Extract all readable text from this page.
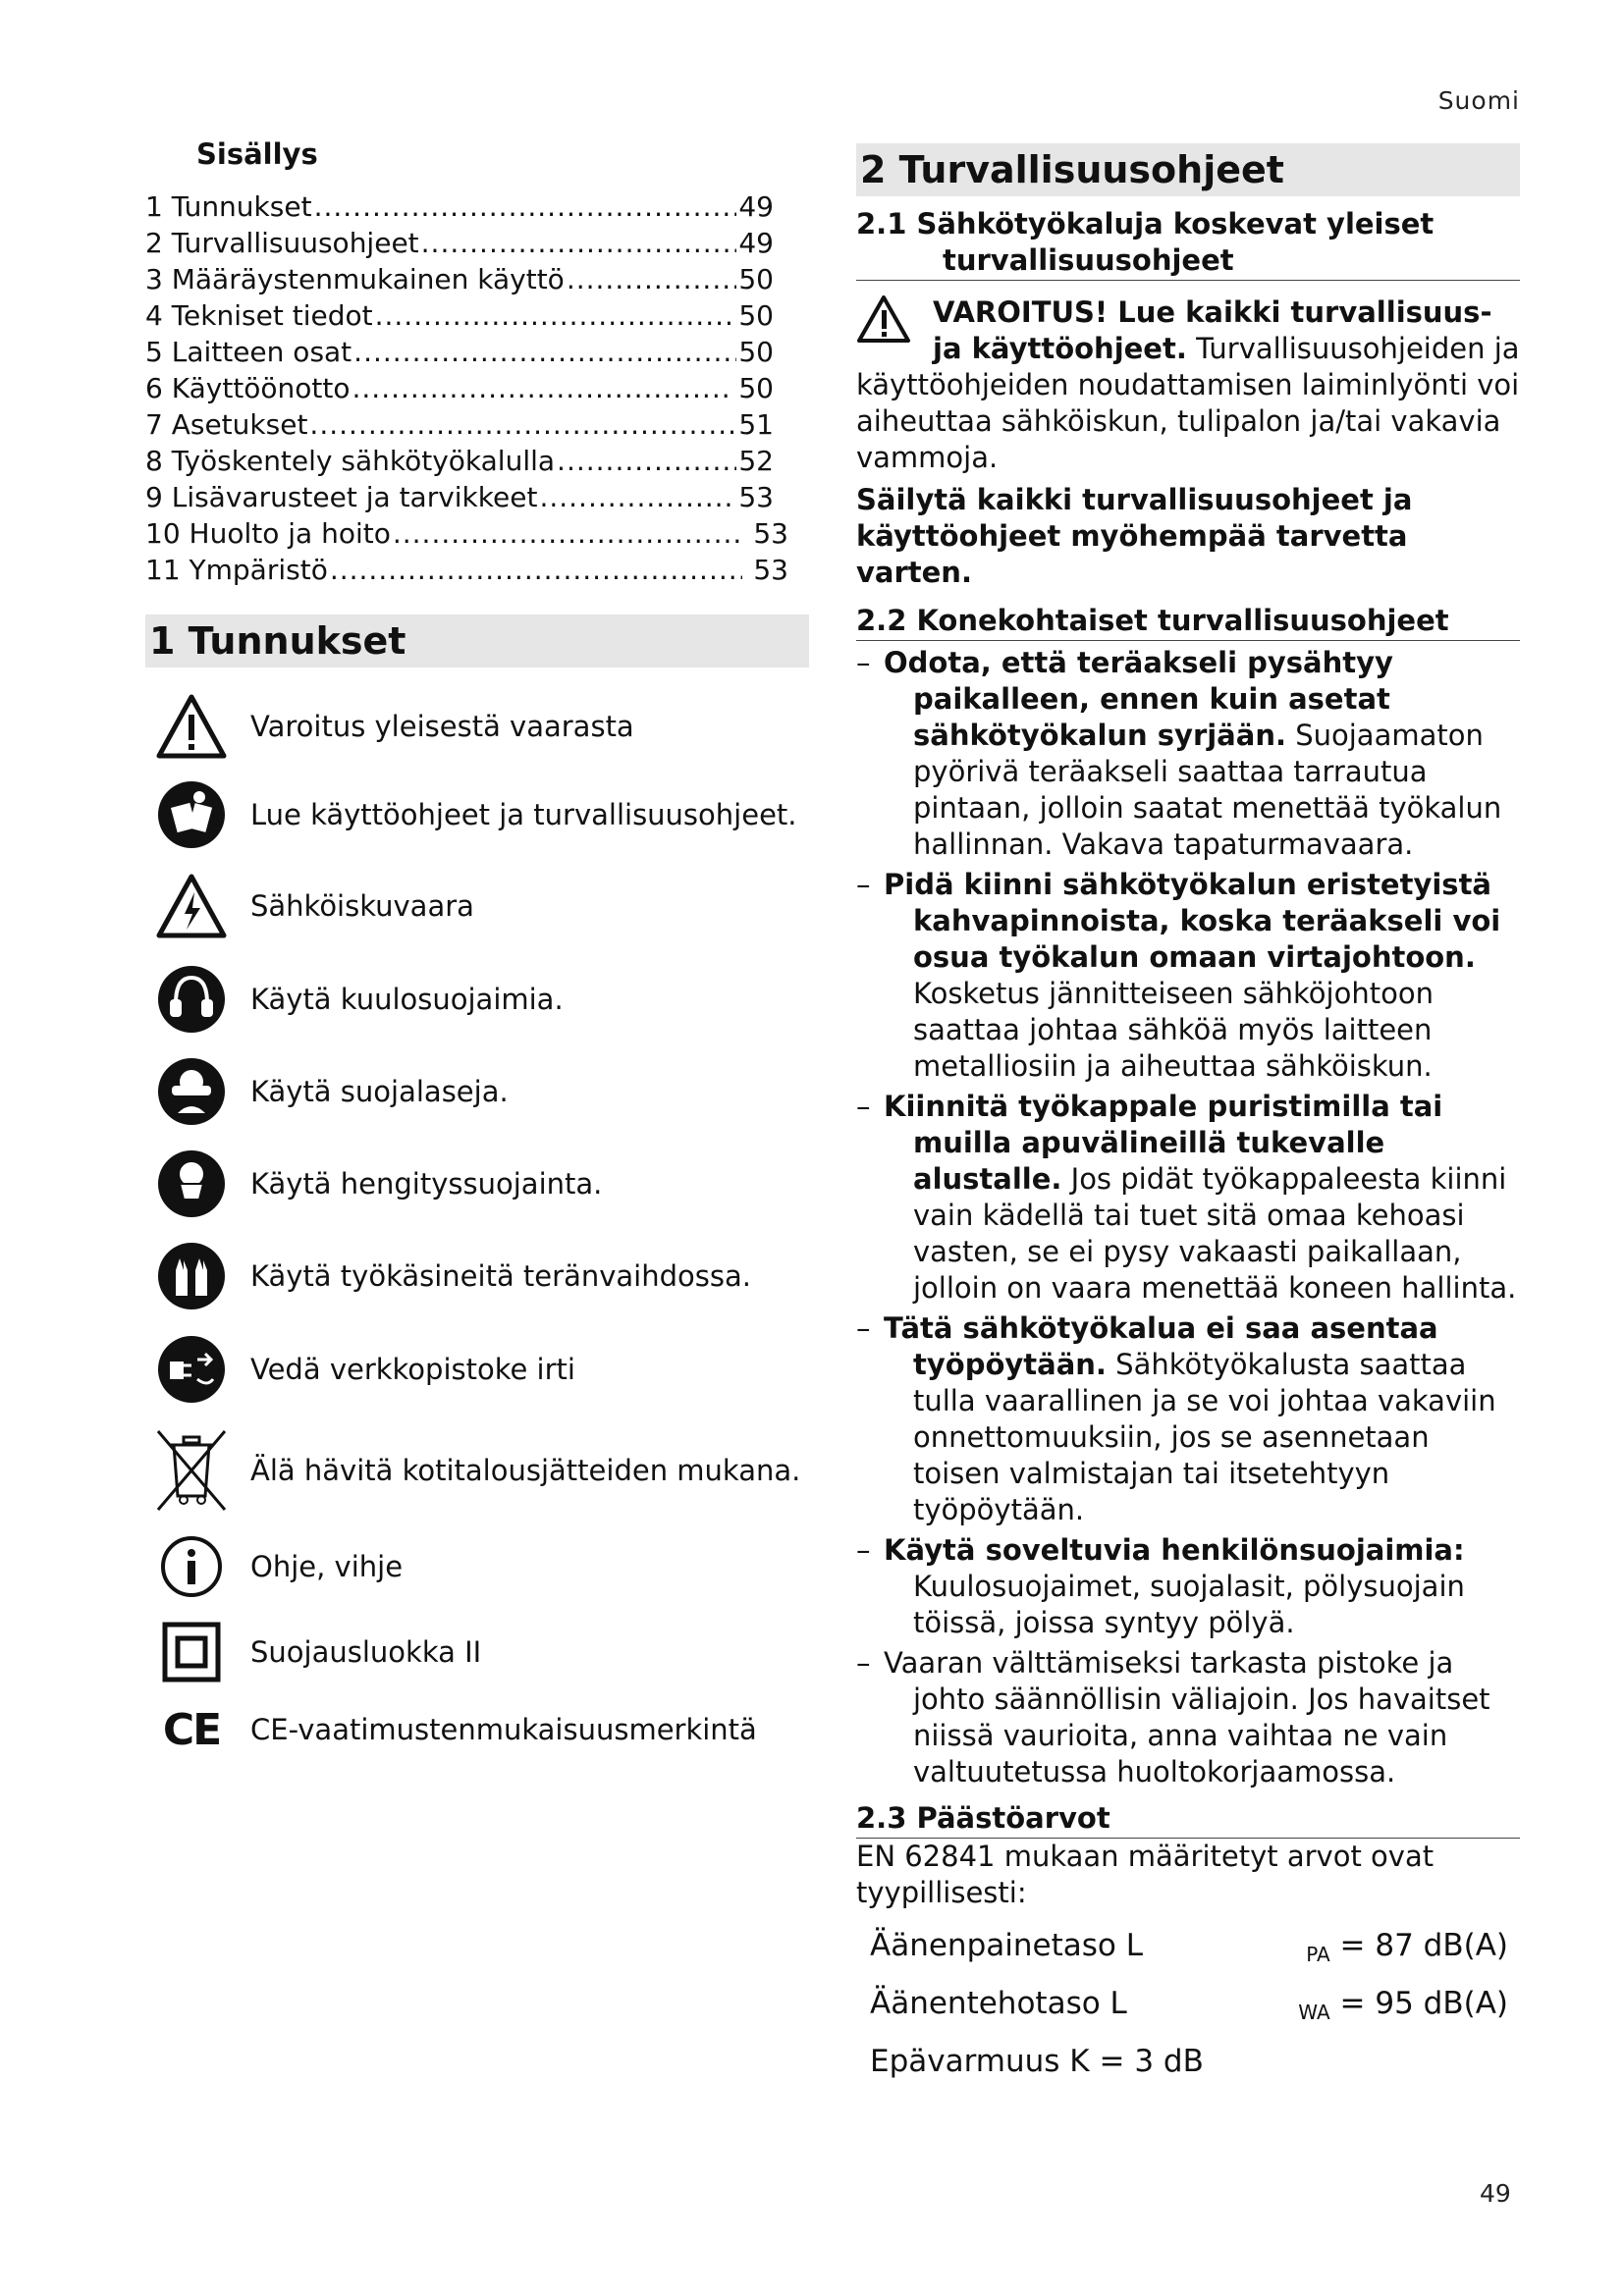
Suomi
Sisällys
1 Tunnukset .....	49
2 Turvallisuusohjeet .....	49
3 Määräystenmukainen käyttö .....	50
4 Tekniset tiedot .....	50
5 Laitteen osat .....	50
6 Käyttöönotto .....	50
7 Asetukset .....	51
8 Työskentely sähkötyökalulla .....	52
9 Lisävarusteet ja tarvikkeet .....	53
10 Huolto ja hoito .....	53
11 Ympäristö .....	53
1 Tunnukset
Varoitus yleisestä vaarasta
Lue käyttöohjeet ja turvallisuusohjeet.
Sähköiskuvaara
Käytä kuulosuojaimia.
Käytä suojalaseja.
Käytä hengityssuojainta.
Käytä työkäsineitä teränvaihdossa.
Vedä verkkopistoke irti
Älä hävitä kotitalousjätteiden mukana.
Ohje, vihje
Suojausluokka II
CE	CE-vaatimustenmukaisuusmerkintä
2 Turvallisuusohjeet
2.1 Sähkötyökaluja koskevat yleiset
turvallisuusohjeet

VAROITUS! Lue kaikki turvallisuus-
ja käyttöohjeet. Turvallisuusohjeiden ja käyttöohjeiden noudattamisen laiminlyönti voi aiheuttaa sähköiskun, tulipalon ja/tai vakavia vammoja.

Säilytä kaikki turvallisuusohjeet ja käyttöohjeet myöhempää tarvetta varten.

2.2 Konekohtaiset turvallisuusohjeet
– Odota, että teräakseli pysähtyy paikalleen, ennen kuin asetat sähkötyökalun syrjään. Suojaamaton pyörivä teräakseli saattaa tarrautua pintaan, jolloin saatat menettää työkalun hallinnan. Vakava tapaturmavaara.
– Pidä kiinni sähkötyökalun eristetyistä kahvapinnoista, koska teräakseli voi osua työkalun omaan virtajohtoon. Kosketus jännitteiseen sähköjohtoon saattaa johtaa sähköä myös laitteen metalliosiin ja aiheuttaa sähköiskun.
– Kiinnitä työkappale puristimilla tai muilla apuvälineillä tukevalle alustalle. Jos pidät työkappaleesta kiinni vain kädellä tai tuet sitä omaa kehoasi vasten, se ei pysy vakaasti paikallaan, jolloin on vaara menettää koneen hallinta.
– Tätä sähkötyökalua ei saa asentaa työpöytään. Sähkötyökalusta saattaa tulla vaarallinen ja se voi johtaa vakaviin onnettomuuksiin, jos se asennetaan toisen valmistajan tai itsetehtyyn työpöytään.
– Käytä soveltuvia henkilönsuojaimia: Kuulosuojaimet, suojalasit, pölysuojain töissä, joissa syntyy pölyä.
– Vaaran välttämiseksi tarkasta pistoke ja johto säännöllisin väliajoin. Jos havaitset niissä vaurioita, anna vaihtaa ne vain valtuutetussa huoltokorjaamossa.
2.3 Päästöarvot

EN 62841 mukaan määritetyt arvot ovat tyypillisesti:

Äänenpainetaso L	$_{PA}$ = 87 dB(A)
Äänentehotaso L	$_{WA}$ = 95 dB(A)
Epävarmuus K = 3 dB
49
